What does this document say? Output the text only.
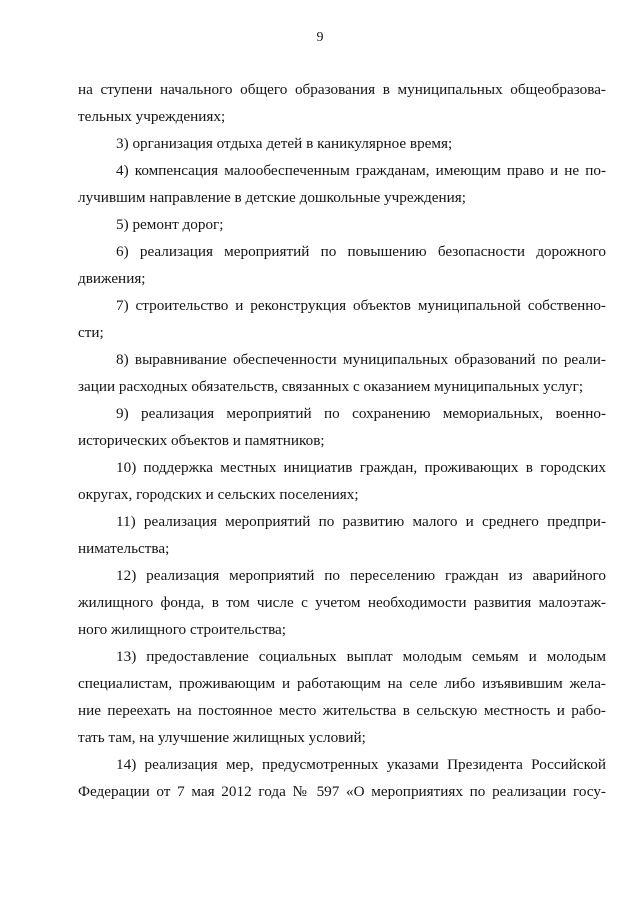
9
на ступени начального общего образования в муниципальных общеобразова-
тельных учреждениях;
3) организация отдыха детей в каникулярное время;
4) компенсация малообеспеченным гражданам, имеющим право и не по-
лучившим направление в детские дошкольные учреждения;
5) ремонт дорог;
6) реализация мероприятий по повышению безопасности дорожного
движения;
7) строительство и реконструкция объектов муниципальной собственно-
сти;
8) выравнивание обеспеченности муниципальных образований по реали-
зации расходных обязательств, связанных с оказанием муниципальных услуг;
9) реализация мероприятий по сохранению мемориальных, военно-
исторических объектов и памятников;
10) поддержка местных инициатив граждан, проживающих в городских
округах, городских и сельских поселениях;
11) реализация мероприятий по развитию малого и среднего предпри-
нимательства;
12) реализация мероприятий по переселению граждан из аварийного
жилищного фонда, в том числе с учетом необходимости развития малоэтаж-
ного жилищного строительства;
13) предоставление социальных выплат молодым семьям и молодым
специалистам, проживающим и работающим на селе либо изъявившим жела-
ние переехать на постоянное место жительства в сельскую местность и рабо-
тать там, на улучшение жилищных условий;
14) реализация мер, предусмотренных указами Президента Российской
Федерации от 7 мая 2012 года № 597 «О мероприятиях по реализации госу-
